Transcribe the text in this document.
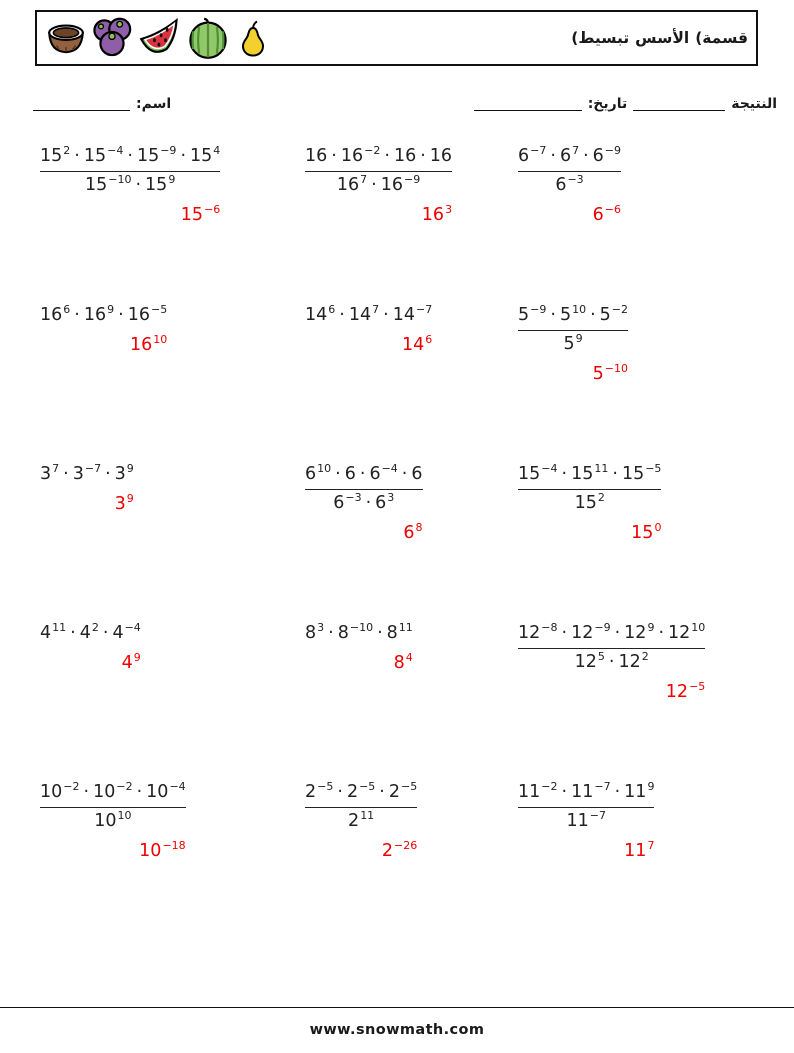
(تبسيط الأسس (قسمة
اسم:	تاريخ:	النتيجة
$\frac{15^2 \cdot 15^{-4} \cdot 15^{-9} \cdot 15^4}{15^{-10} \cdot 15^9}$
$15^{-6}$
$\frac{16 \cdot 16^{-2} \cdot 16 \cdot 16}{16^7 \cdot 16^{-9}}$
$16^3$
$\frac{6^{-7} \cdot 6^7 \cdot 6^{-9}}{6^{-3}}$
$6^{-6}$
$16^6 \cdot 16^9 \cdot 16^{-5}$
$16^{10}$
$14^6 \cdot 14^7 \cdot 14^{-7}$
$14^6$	$\frac{5^{-9} \cdot 5^{10} \cdot 5^{-2}}{5^9}$
$5^{-10}$
$3^7 \cdot 3^{-7} \cdot 3^9$
$3^9$	$\frac{6^{10} \cdot 6 \cdot 6^{-4} \cdot 6}{6^{-3} \cdot 6^3}$
$6^8$
$\frac{15^{-4} \cdot 15^{11} \cdot 15^{-5}}{15^2}$
$15^0$
$4^{11} \cdot 4^2 \cdot 4^{-4}$
$4^9$
$8^3 \cdot 8^{-10} \cdot 8^{11}$
$8^4$	$\frac{12^{-8} \cdot 12^{-9} \cdot 12^9 \cdot 12^{10}}{12^5 \cdot 12^2}$
$12^{-5}$
$\frac{10^{-2} \cdot 10^{-2} \cdot 10^{-4}}{10^{10}}$
$10^{-18}$
$\frac{2^{-5} \cdot 2^{-5} \cdot 2^{-5}}{2^{11}}$
$2^{-26}$
$\frac{11^{-2} \cdot 11^{-7} \cdot 11^9}{11^{-7}}$
$11^7$
www.snowmath.com
